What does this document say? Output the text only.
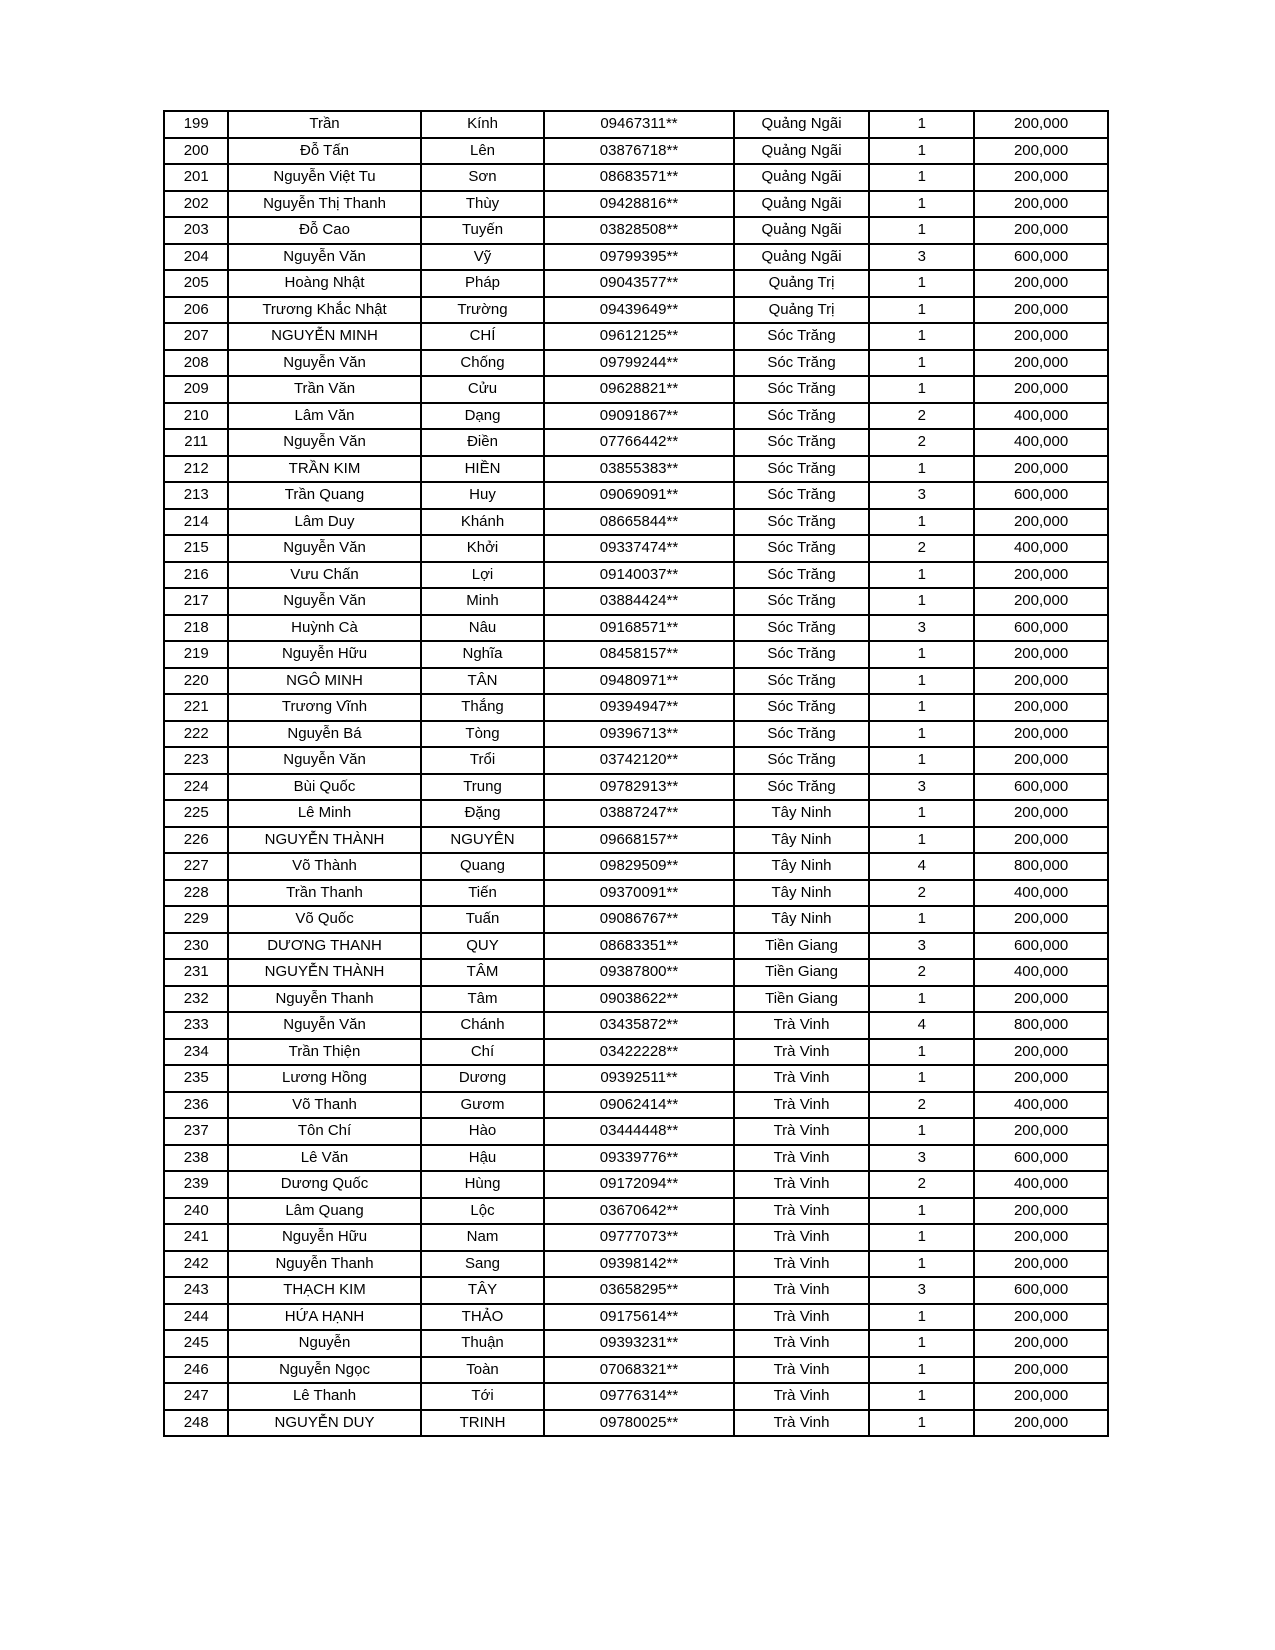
199	Trần	Kính	09467311**	Quảng Ngãi	1	200,000
200	Đỗ Tấn	Lên	03876718**	Quảng Ngãi	1	200,000
201	Nguyễn Việt Tu	Sơn	08683571**	Quảng Ngãi	1	200,000
202	Nguyễn Thị Thanh	Thùy	09428816**	Quảng Ngãi	1	200,000
203	Đỗ Cao	Tuyến	03828508**	Quảng Ngãi	1	200,000
204	Nguyễn Văn	Vỹ	09799395**	Quảng Ngãi	3	600,000
205	Hoàng Nhật	Pháp	09043577**	Quảng Trị	1	200,000
206	Trương Khắc Nhật	Trường	09439649**	Quảng Trị	1	200,000
207	NGUYỄN MINH	CHÍ	09612125**	Sóc Trăng	1	200,000
208	Nguyễn Văn	Chống	09799244**	Sóc Trăng	1	200,000
209	Trần Văn	Cửu	09628821**	Sóc Trăng	1	200,000
210	Lâm Văn	Dạng	09091867**	Sóc Trăng	2	400,000
211	Nguyễn Văn	Điền	07766442**	Sóc Trăng	2	400,000
212	TRẦN KIM	HIỀN	03855383**	Sóc Trăng	1	200,000
213	Trần Quang	Huy	09069091**	Sóc Trăng	3	600,000
214	Lâm Duy	Khánh	08665844**	Sóc Trăng	1	200,000
215	Nguyễn Văn	Khởi	09337474**	Sóc Trăng	2	400,000
216	Vưu Chấn	Lợi	09140037**	Sóc Trăng	1	200,000
217	Nguyễn Văn	Minh	03884424**	Sóc Trăng	1	200,000
218	Huỳnh Cà	Nâu	09168571**	Sóc Trăng	3	600,000
219	Nguyễn Hữu	Nghĩa	08458157**	Sóc Trăng	1	200,000
220	NGÔ MINH	TÂN	09480971**	Sóc Trăng	1	200,000
221	Trương Vĩnh	Thắng	09394947**	Sóc Trăng	1	200,000
222	Nguyễn Bá	Tòng	09396713**	Sóc Trăng	1	200,000
223	Nguyễn Văn	Trổi	03742120**	Sóc Trăng	1	200,000
224	Bùi Quốc	Trung	09782913**	Sóc Trăng	3	600,000
225	Lê Minh	Đặng	03887247**	Tây Ninh	1	200,000
226	NGUYỄN THÀNH	NGUYÊN	09668157**	Tây Ninh	1	200,000
227	Võ Thành	Quang	09829509**	Tây Ninh	4	800,000
228	Trần Thanh	Tiến	09370091**	Tây Ninh	2	400,000
229	Võ Quốc	Tuấn	09086767**	Tây Ninh	1	200,000
230	DƯƠNG THANH	QUY	08683351**	Tiền Giang	3	600,000
231	NGUYỄN THÀNH	TÂM	09387800**	Tiền Giang	2	400,000
232	Nguyễn Thanh	Tâm	09038622**	Tiền Giang	1	200,000
233	Nguyễn Văn	Chánh	03435872**	Trà Vinh	4	800,000
234	Trần Thiện	Chí	03422228**	Trà Vinh	1	200,000
235	Lương Hồng	Dương	09392511**	Trà Vinh	1	200,000
236	Võ Thanh	Gươm	09062414**	Trà Vinh	2	400,000
237	Tôn Chí	Hào	03444448**	Trà Vinh	1	200,000
238	Lê Văn	Hậu	09339776**	Trà Vinh	3	600,000
239	Dương Quốc	Hùng	09172094**	Trà Vinh	2	400,000
240	Lâm Quang	Lộc	03670642**	Trà Vinh	1	200,000
241	Nguyễn Hữu	Nam	09777073**	Trà Vinh	1	200,000
242	Nguyễn Thanh	Sang	09398142**	Trà Vinh	1	200,000
243	THẠCH KIM	TÂY	03658295**	Trà Vinh	3	600,000
244	HỨA HẠNH	THẢO	09175614**	Trà Vinh	1	200,000
245	Nguyễn	Thuận	09393231**	Trà Vinh	1	200,000
246	Nguyễn Ngọc	Toàn	07068321**	Trà Vinh	1	200,000
247	Lê Thanh	Tới	09776314**	Trà Vinh	1	200,000
248	NGUYỄN DUY	TRINH	09780025**	Trà Vinh	1	200,000
